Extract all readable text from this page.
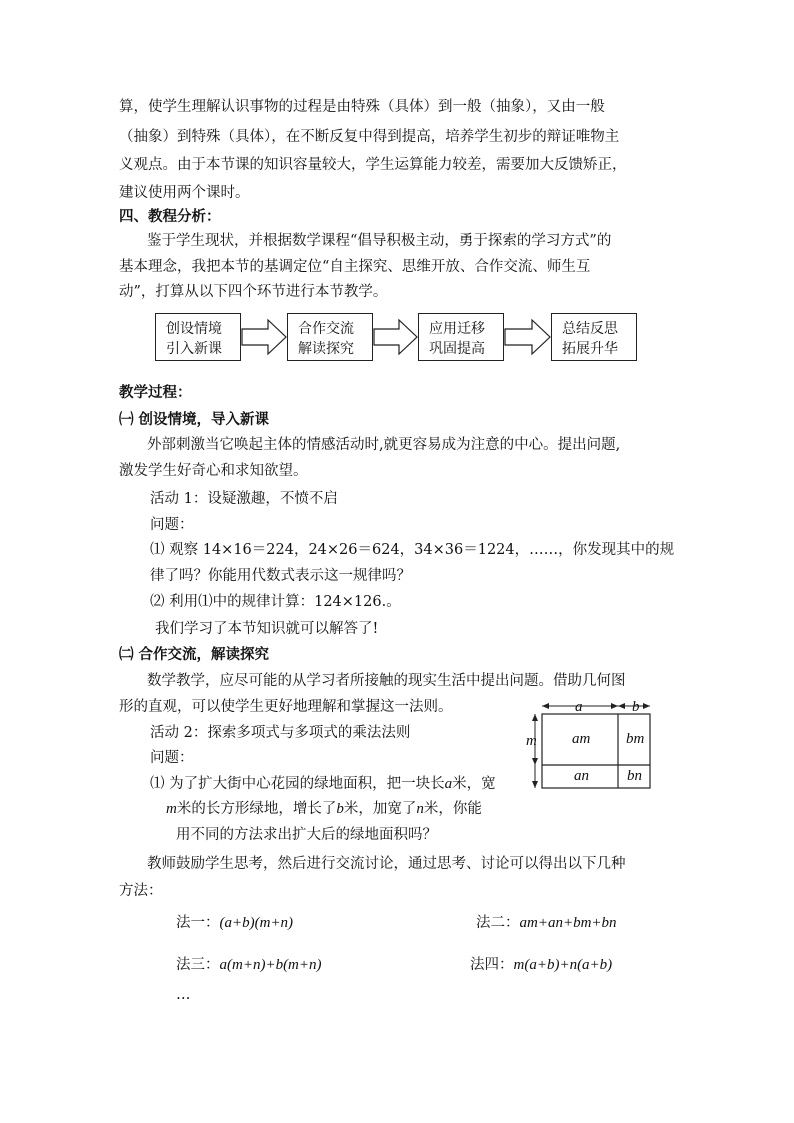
算，使学生理解认识事物的过程是由特殊（具体）到一般（抽象），又由一般
（抽象）到特殊（具体），在不断反复中得到提高，培养学生初步的辩证唯物主
义观点。由于本节课的知识容量较大，学生运算能力较差，需要加大反馈矫正，
建议使用两个课时。
四、教程分析：
鉴于学生现状，并根据数学课程“倡导积极主动，勇于探索的学习方式”的
基本理念，我把本节的基调定位“自主探究、思维开放、合作交流、师生互
动”，打算从以下四个环节进行本节教学。
创设情境
引入新课
合作交流
解读探究
应用迁移
巩固提高
总结反思
拓展升华
教学过程：
㈠ 创设情境，导入新课
外部刺激当它唤起主体的情感活动时,就更容易成为注意的中心。提出问题,
激发学生好奇心和求知欲望。
活动 1：设疑激趣，不愤不启
问题：
⑴ 观察 14×16＝224，24×26＝624，34×36＝1224，……，你发现其中的规
律了吗？你能用代数式表示这一规律吗？
⑵ 利用⑴中的规律计算：124×126.。
我们学习了本节知识就可以解答了!
㈡ 合作交流，解读探究
数学教学，应尽可能的从学习者所接触的现实生活中提出问题。借助几何图
形的直观，可以使学生更好地理解和掌握这一法则。
活动 2：探索多项式与多项式的乘法法则
问题：
⑴ 为了扩大街中心花园的绿地面积，把一块长a米，宽
m米的长方形绿地，增长了b米，加宽了n米，你能
用不同的方法求出扩大后的绿地面积吗？
教师鼓励学生思考，然后进行交流讨论，通过思考、讨论可以得出以下几种
方法：
法一：(a+b)(m+n)	法二：am+an+bm+bn
法三：a(m+n)+b(m+n)	法四：m(a+b)+n(a+b)
…
a	b
m am bm
an	bn
